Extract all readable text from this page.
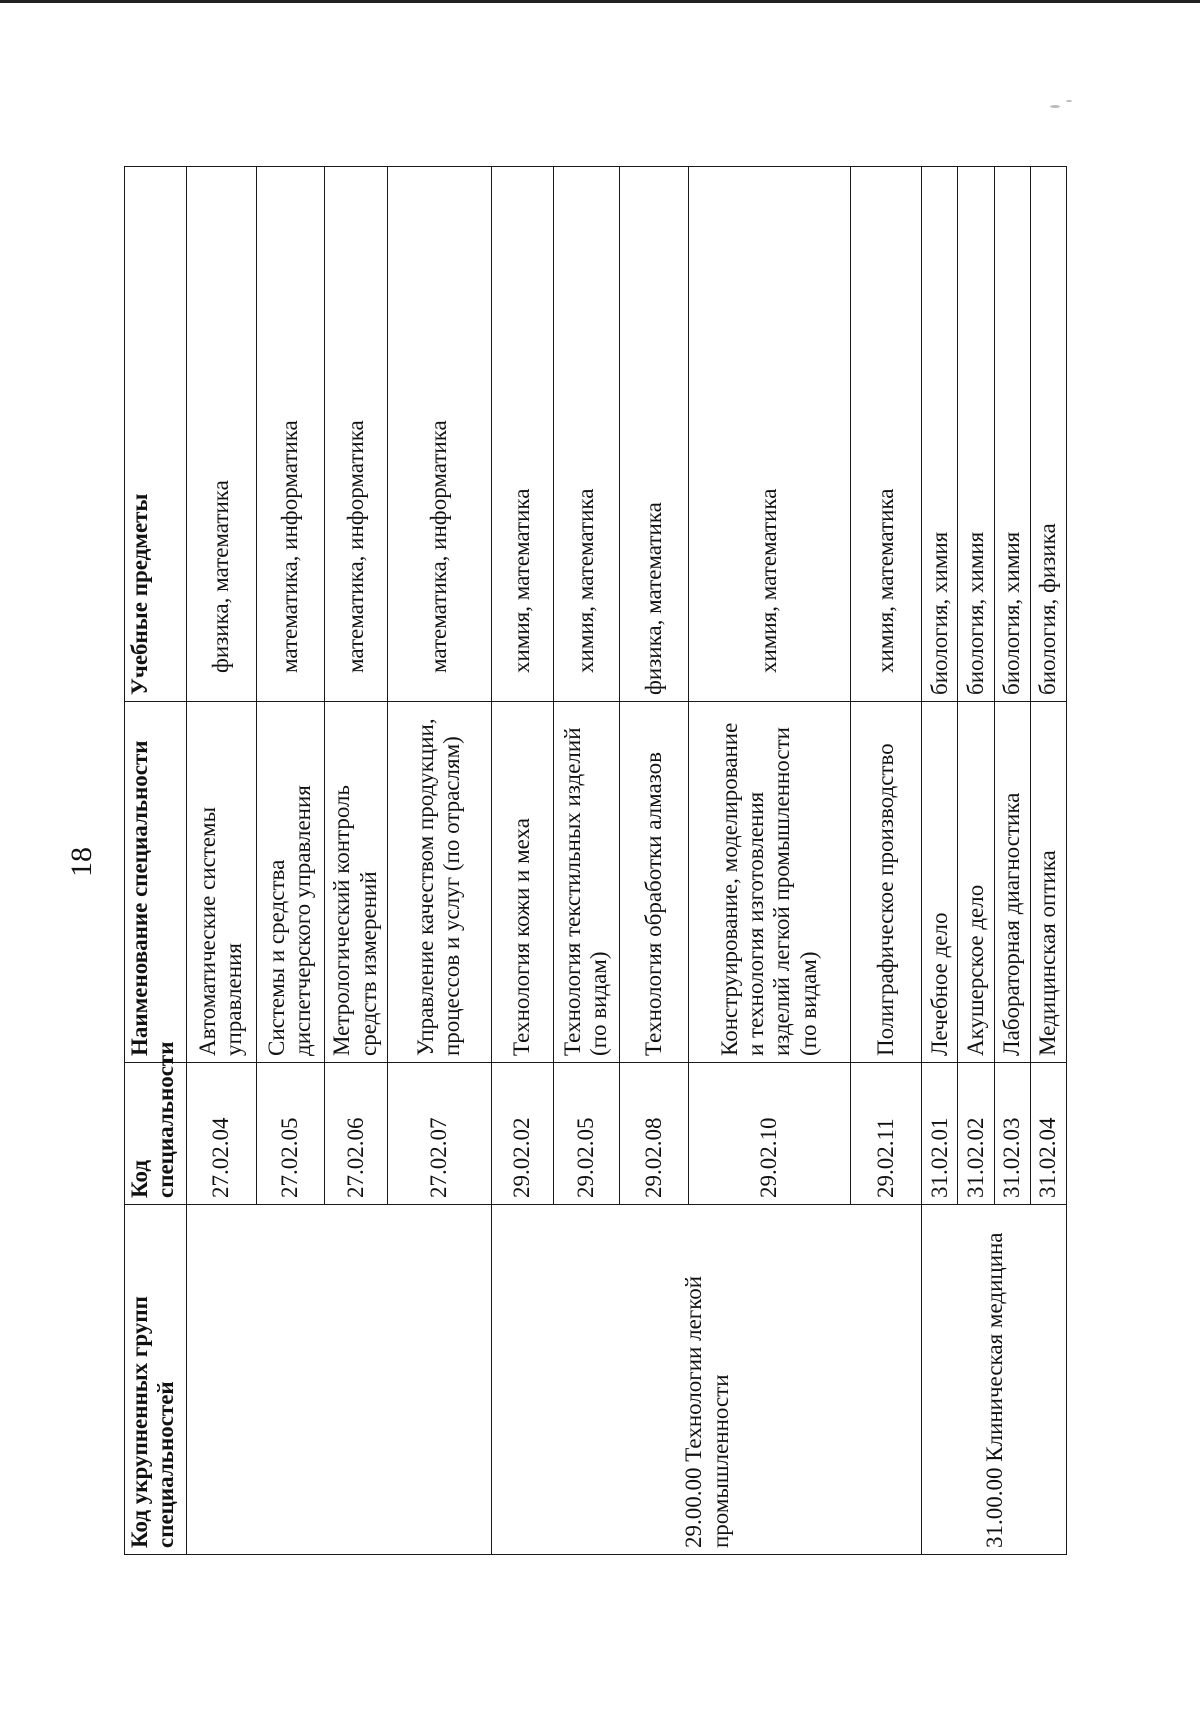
18
Код укрупненных групп специальностей	Код специальности	Наименование специальности	Учебные предметы
	27.02.04	Автоматические системы управления	физика, математика
	27.02.05	Системы и средства диспетчерского управления	математика, информатика
	27.02.06	Метрологический контроль средств измерений	математика, информатика
	27.02.07	Управление качеством продукции, процессов и услуг (по отраслям)	математика, информатика
29.00.00 Технологии легкой промышленности	29.02.02	Технология кожи и меха	химия, математика
	29.02.05	Технология текстильных изделий (по видам)	химия, математика
	29.02.08	Технология обработки алмазов	физика, математика
	29.02.10	Конструирование, моделирование и технология изготовления изделий легкой промышленности (по видам)	химия, математика
	29.02.11	Полиграфическое производство	химия, математика
31.00.00 Клиническая медицина	31.02.01	Лечебное дело	биология, химия
	31.02.02	Акушерское дело	биология, химия
	31.02.03	Лабораторная диагностика	биология, химия
	31.02.04	Медицинская оптика	биология, физика
